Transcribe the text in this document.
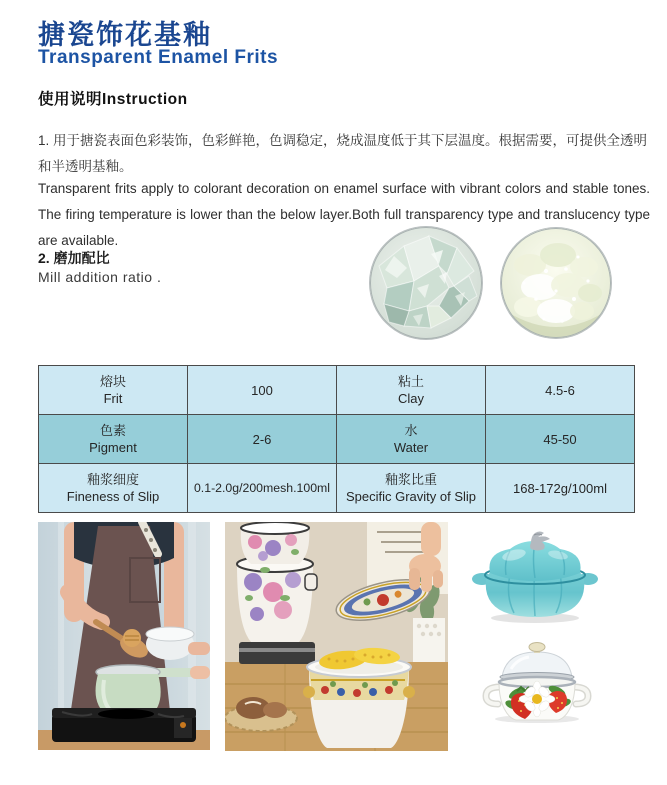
搪瓷饰花基釉
Transparent Enamel Frits
使用说明Instruction
1. 用于搪瓷表面色彩装饰，色彩鲜艳，色调稳定，烧成温度低于其下层温度。根据需要，可提供全透明和半透明基釉。
Transparent frits apply to colorant decoration on enamel surface with vibrant colors and stable tones. The firing temperature is lower than the below layer.Both full transparency type and translucency type are available.
2. 磨加配比
Mill addition ratio .
熔块
Frit
	100	
粘土
Clay
	4.5-6

色素
Pigment
	2-6	
水
Water
	45-50

釉浆细度
Fineness of Slip
	0.1-2.0g/200mesh.100ml	
釉浆比重
Specific Gravity of Slip
	168-172g/100ml
